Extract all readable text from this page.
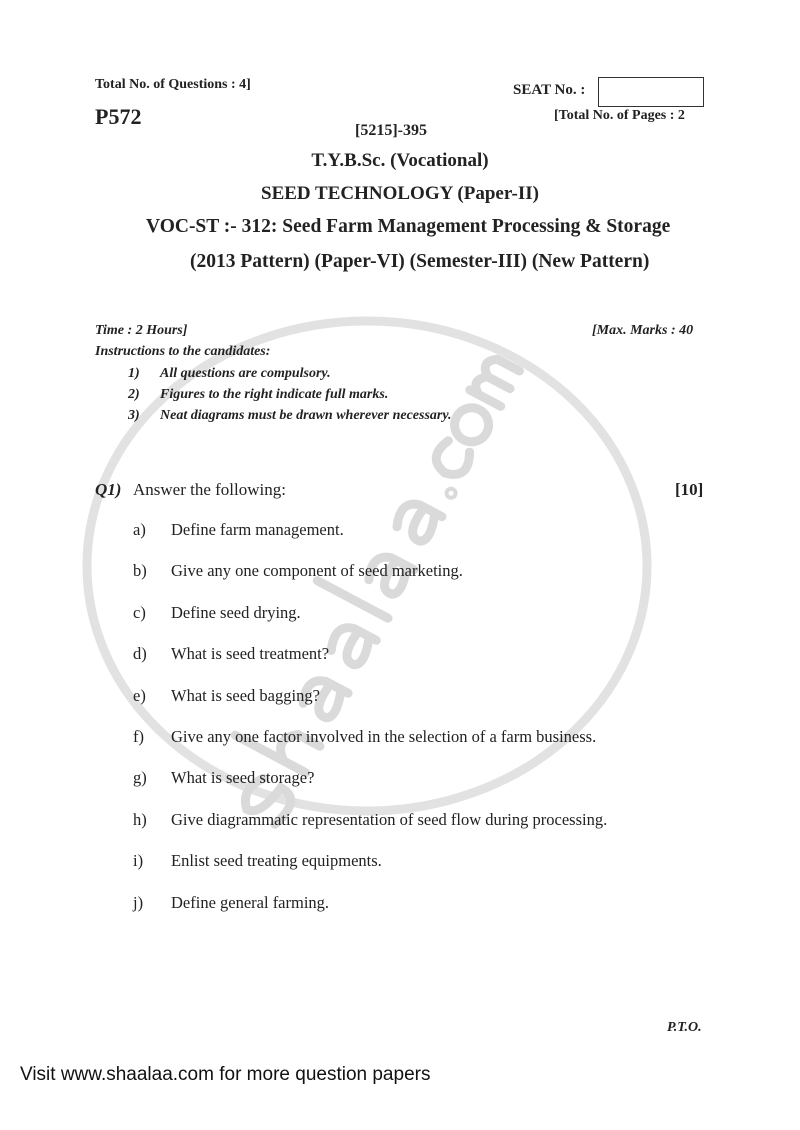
Total No. of Questions : 4]	SEAT No. :
P572	[Total No. of Pages : 2
[5215]-395
T.Y.B.Sc. (Vocational)
SEED TECHNOLOGY (Paper-II)
VOC-ST :- 312: Seed Farm Management Processing & Storage
(2013 Pattern) (Paper-VI) (Semester-III) (New Pattern)
Time : 2 Hours]	[Max. Marks : 40
Instructions to the candidates:
1) All questions are compulsory.
2) Figures to the right indicate full marks.
3) Neat diagrams must be drawn wherever necessary.
Q1) Answer the following:	[10]
a) Define farm management.
b) Give any one component of seed marketing.
c) Define seed drying.
d) What is seed treatment?
e) What is seed bagging?
f) Give any one factor involved in the selection of a farm business.
g) What is seed storage?
h) Give diagrammatic representation of seed flow during processing.
i) Enlist seed treating equipments.
j) Define general farming.
P.T.O.
Visit www.shaalaa.com for more question papers
